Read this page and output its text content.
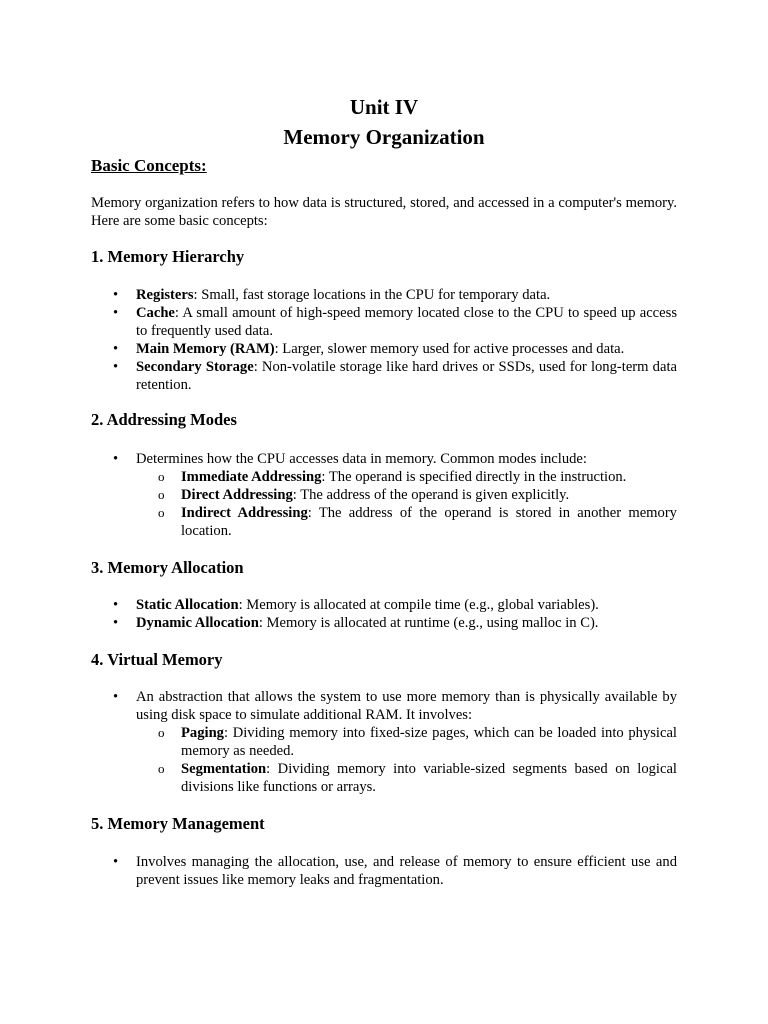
Unit IV
Memory Organization
Basic Concepts:
Memory organization refers to how data is structured, stored, and accessed in a computer's memory. Here are some basic concepts:
1. Memory Hierarchy
• Registers: Small, fast storage locations in the CPU for temporary data.
• Cache: A small amount of high-speed memory located close to the CPU to speed up access to frequently used data.
• Main Memory (RAM): Larger, slower memory used for active processes and data.
• Secondary Storage: Non-volatile storage like hard drives or SSDs, used for long-term data retention.
2. Addressing Modes
• Determines how the CPU accesses data in memory. Common modes include:
o Immediate Addressing: The operand is specified directly in the instruction.
o Direct Addressing: The address of the operand is given explicitly.
o Indirect Addressing: The address of the operand is stored in another memory location.
3. Memory Allocation
• Static Allocation: Memory is allocated at compile time (e.g., global variables).
• Dynamic Allocation: Memory is allocated at runtime (e.g., using malloc in C).
4. Virtual Memory
• An abstraction that allows the system to use more memory than is physically available by using disk space to simulate additional RAM. It involves:
o Paging: Dividing memory into fixed-size pages, which can be loaded into physical memory as needed.
o Segmentation: Dividing memory into variable-sized segments based on logical divisions like functions or arrays.
5. Memory Management
• Involves managing the allocation, use, and release of memory to ensure efficient use and prevent issues like memory leaks and fragmentation.
